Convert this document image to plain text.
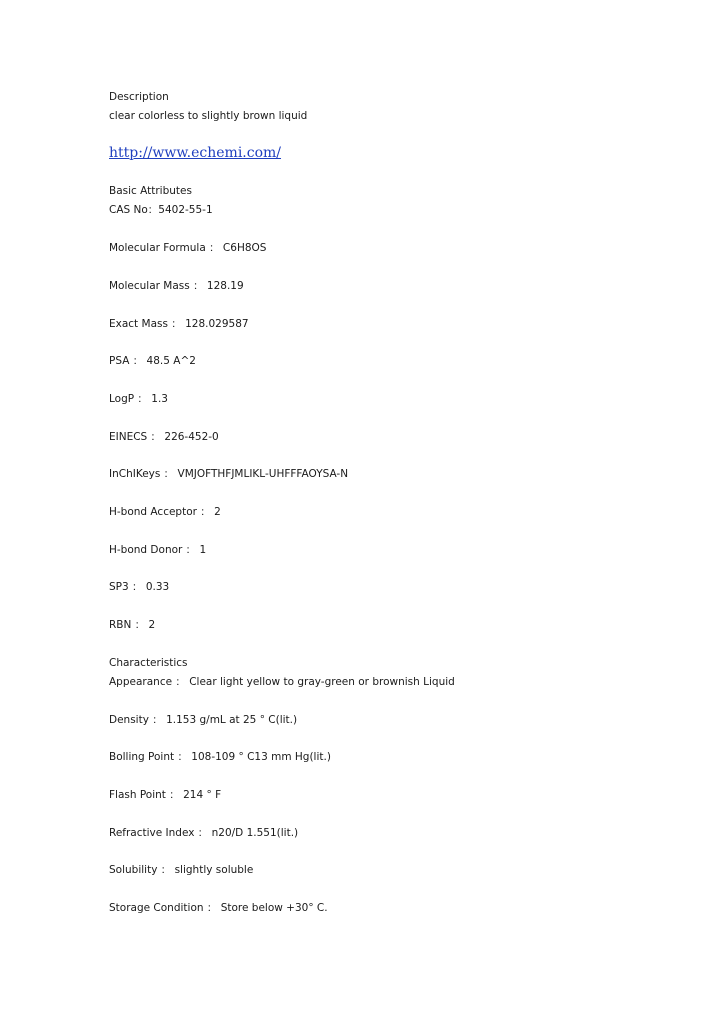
Description
clear colorless to slightly brown liquid
http://www.echemi.com/
Basic Attributes
CAS No：5402-55-1
Molecular Formula ： C6H8OS
Molecular Mass ： 128.19
Exact Mass ： 128.029587
PSA ： 48.5 A^2
LogP ： 1.3
EINECS ： 226-452-0
InChIKeys ： VMJOFTHFJMLIKL-UHFFFAOYSA-N
H-bond Acceptor ： 2
H-bond Donor ： 1
SP3 ： 0.33
RBN ： 2
Characteristics
Appearance ： Clear light yellow to gray-green or brownish Liquid
Density ： 1.153 g/mL at 25 ° C(lit.)
Bolling Point ： 108-109 ° C13 mm Hg(lit.)
Flash Point ： 214 ° F
Refractive Index ： n20/D 1.551(lit.)
Solubility ： slightly soluble
Storage Condition ： Store below +30° C.
